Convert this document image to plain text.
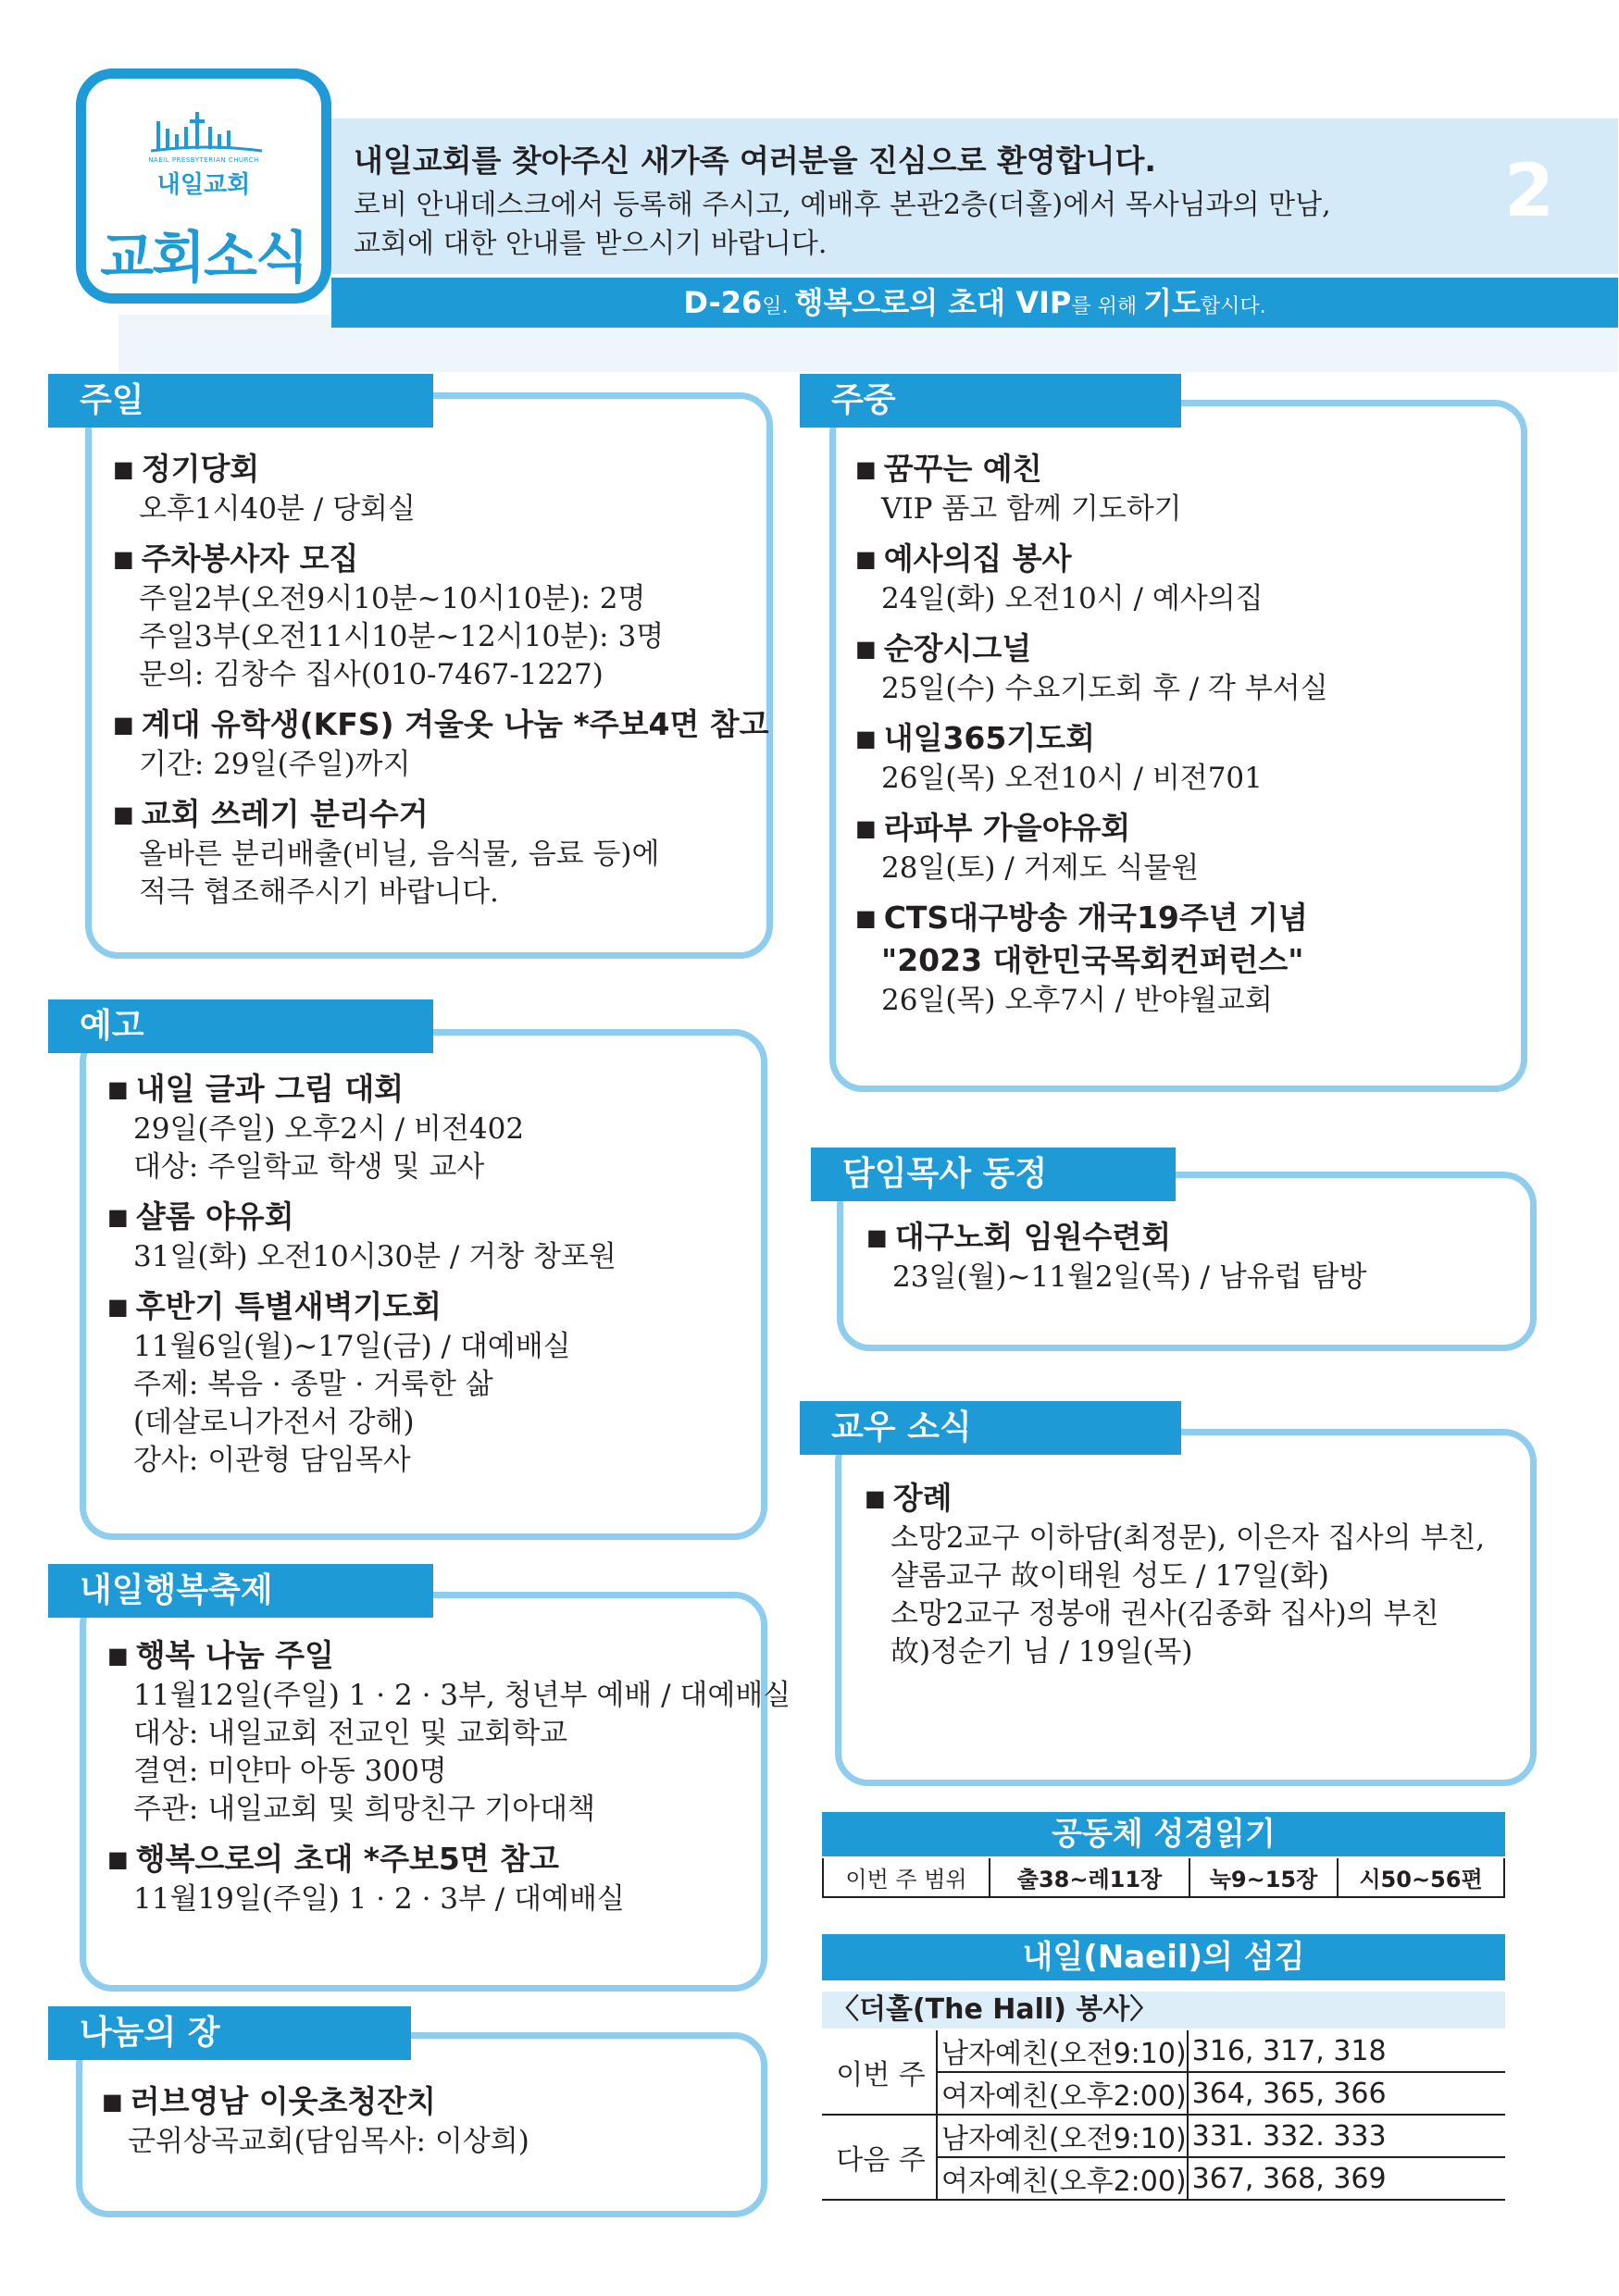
NAEIL PRESBYTERIAN CHURCH
내일교회
교회소식
내일교회를 찾아주신 새가족 여러분을 진심으로 환영합니다.
로비 안내데스크에서 등록해 주시고, 예배후 본관2층(더홀)에서 목사님과의 만남,
교회에 대한 안내를 받으시기 바랍니다.
2
D-26일. 행복으로의 초대 VIP를 위해 기도합시다.
주일
■ 정기당회
오후1시40분 / 당회실
■ 주차봉사자 모집
주일2부(오전9시10분~10시10분): 2명
주일3부(오전11시10분~12시10분): 3명
문의: 김창수 집사(010-7467-1227)
■ 계대 유학생(KFS) 겨울옷 나눔 *주보4면 참고
기간: 29일(주일)까지
■ 교회 쓰레기 분리수거
올바른 분리배출(비닐, 음식물, 음료 등)에
적극 협조해주시기 바랍니다.
예고
■ 내일 글과 그림 대회
29일(주일) 오후2시 / 비전402
대상: 주일학교 학생 및 교사
■ 샬롬 야유회
31일(화) 오전10시30분 / 거창 창포원
■ 후반기 특별새벽기도회
11월6일(월)~17일(금) / 대예배실
주제: 복음 · 종말 · 거룩한 삶
(데살로니가전서 강해)
강사: 이관형 담임목사
내일행복축제
■ 행복 나눔 주일
11월12일(주일) 1 · 2 · 3부, 청년부 예배 / 대예배실
대상: 내일교회 전교인 및 교회학교
결연: 미얀마 아동 300명
주관: 내일교회 및 희망친구 기아대책
■ 행복으로의 초대 *주보5면 참고
11월19일(주일) 1 · 2 · 3부 / 대예배실
나눔의 장
■ 러브영남 이웃초청잔치
군위상곡교회(담임목사: 이상희)
주중
■ 꿈꾸는 예친
VIP 품고 함께 기도하기
■ 예사의집 봉사
24일(화) 오전10시 / 예사의집
■ 순장시그널
25일(수) 수요기도회 후 / 각 부서실
■ 내일365기도회
26일(목) 오전10시 / 비전701
■ 라파부 가을야유회
28일(토) / 거제도 식물원
■ CTS대구방송 개국19주년 기념
"2023 대한민국목회컨퍼런스"
26일(목) 오후7시 / 반야월교회
담임목사 동정
■ 대구노회 임원수련회
23일(월)~11월2일(목) / 남유럽 탐방
교우 소식
■ 장례
소망2교구 이하담(최정문), 이은자 집사의 부친,
샬롬교구 故이태원 성도 / 17일(화)
소망2교구 정봉애 권사(김종화 집사)의 부친
故)정순기 님 / 19일(목)
공동체 성경읽기
이번 주 범위	출38~레11장	눅9~15장	시50~56편
내일(Naeil)의 섬김
〈더홀(The Hall) 봉사〉
이번 주	남자예친(오전9:10)	316, 317, 318
	여자예친(오후2:00)	364, 365, 366
다음 주	남자예친(오전9:10)	331. 332. 333
	여자예친(오후2:00)	367, 368, 369
